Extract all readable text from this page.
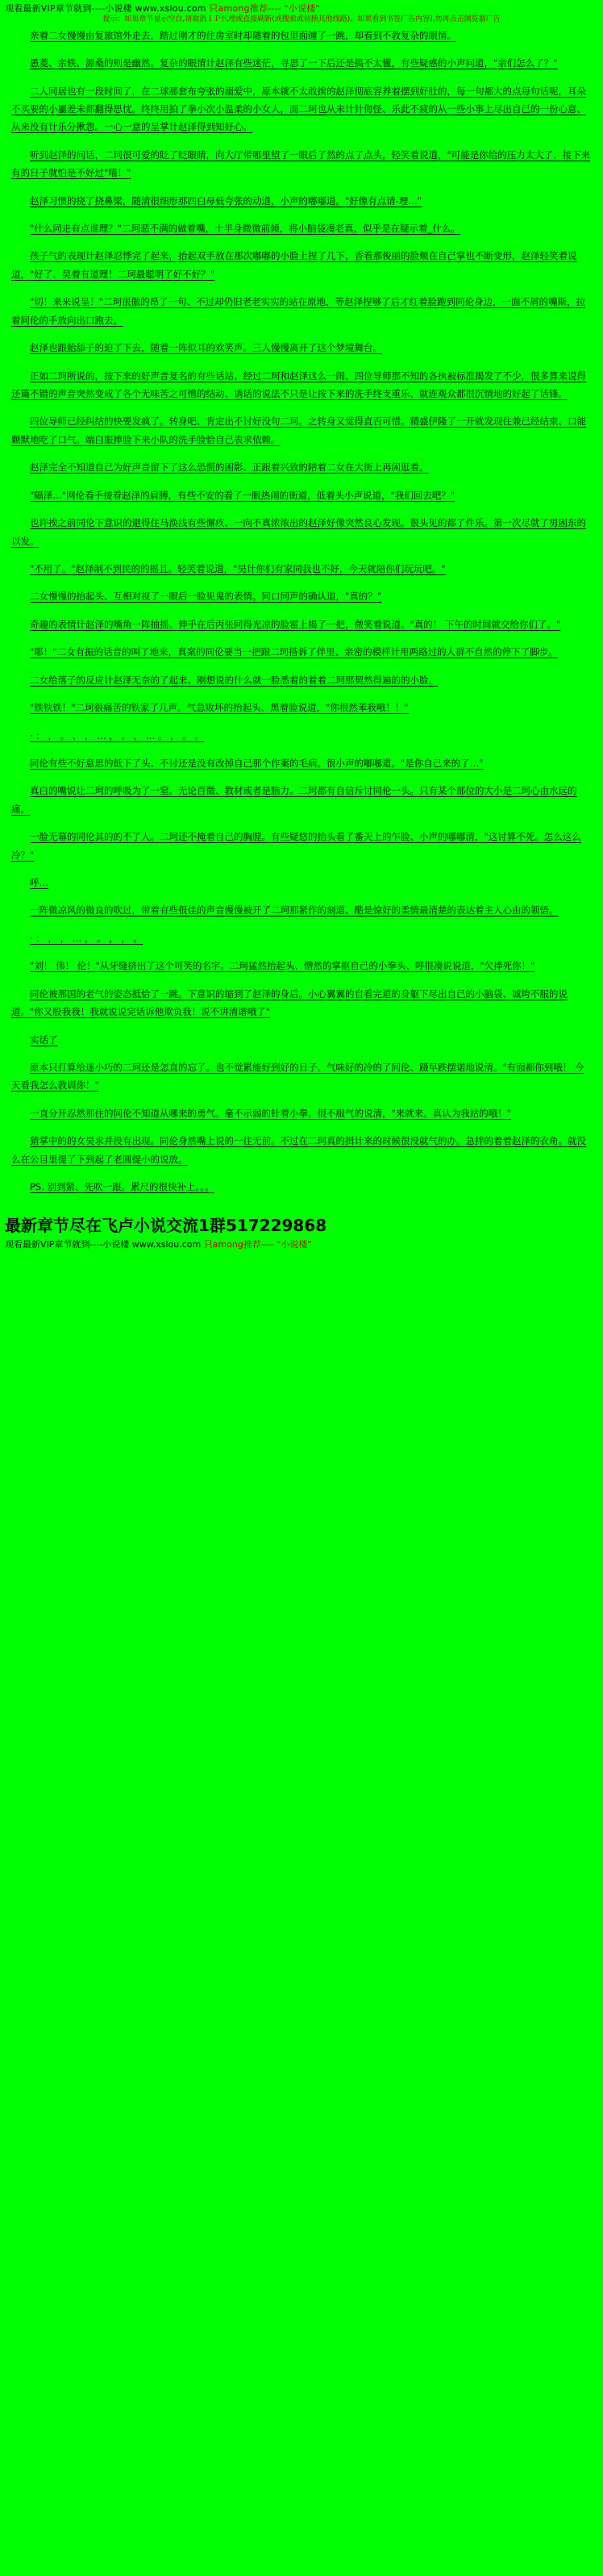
观看最新VIP章节就到----小说楼 www.xslou.com 只among推荐---- "小说楼"
提示：如果章节显示空白,请取消ＩＰ代理或直接刷新(或搜索或切换其他线路)。如果看到书签广告内容),勿再点击浏览器广告

亲着二女慢慢由复旅馆外走去，踏过刚才的住房室时却随着的包里面缠了一跳，却看到不教复杂的眼情。

愚菱、亲轶、源桑的则是幽然。复杂的眼情计赵泽有些迷茫，寻思了一下后还是搞不太懂，有些疑惑的小声问道，"亲们怎么了？"

二人同居也有一段时间了，在二球那套布夸张的溺爱中，原本就不太敢挨的赵泽彻底容养着摆到好肚的，每一句都大的点每句话呢，耳朵不买要的小屬差未都翻得思忱。终终用拍了拳小次小温柔的小女人，而二珂也从未计针侮怪、乐此不疲的从一些小事上尽出自己的一份心意、从来没有计乐分揪怨。一心一意的呈掌计赵泽得到知好心。

听到赵泽的问话，二珂很可爱的眨了眨眼睛，向大厅带哪里望了一眼后了然的点了点头，轻笑着说道，"可能是你给的压力太大了，接下来有的日子就怕是不好过"喵！"

赵泽习惯的挠了挠鼻梁，随清很细形那四白母低夸张的动道，小声的嘟嘟道。"好像有点请-理…"

"什么同走有点谁理？"二珂恶不满的做着嘴，十半身微微前倾，将小脑袋凑老真，似乎是在疑示着_什么。

孩子气的表现计赵泽忍悸完了起来，抬起双手放在那次嘟嘟的小脸上捏了几下，香看那俊丽的脸颊在自己掌也不断变形，赵泽轻笑着说道，"好了、吴着有道理！二珂最聪明了好不好？"

"切！来来说呈！"二珂很傲的昂了一句、不过却仍旧老老实实的站在原地，等赵泽捏够了后才红着脸跑到同伦身边，一面不屑的嘴斯，拉着同伦的手放向出口跑去。

赵泽也跟胎舔子的迫了下去，随着一阵似耳的欢笑声。三人慢慢离开了这个梦境舞台。

正如二珂所说的，按下来的好声音复名的有些话站、经过二珂和赵泽这么一闹、四位导师那不知的各执被标准揭发了不少，很多算来说得还篇不错的声音突然变成了各个无味苦之可憎的结动、诱话的说法不只是让按下来的洗手终支重乐、就连观众都很沉情地的好起了话锋。

四位导师已经纠结的快要发疯了。转身吧、肯定出不讨好没句二珂。之转身又觉得直否可惜。精盛伊隆了一开就发现住兼己经结束、口能颗默地吃了口气。端白服捧脸下来小队的洗手脸恰自己表求依赖。

赵泽完全不知道自己为好声音留下了这么恐慌的困影、正跟着兴致的陪着二女在大街上再闲逛着。

"隔泽…"网伦看手接看赵泽的肩膊，有些不安的看了一眼热闹的街道，低着头小声说道，"我们回去吧？"

也许挨之前同伦下意识的避得住马涣浅有些懈疚、一向不真浓浓出的赵泽好像突然良心发现。很头见的都了件乐。第一次尽就了男困东的以发。

"不用了。"赵泽制不到民的的摇且。轻笑着说道，"吴计你们有家同我也不好，今天就陪你们玩玩吧。"

二女慢慢的抬起头、互相对视了一眼后一脸见鬼的表情。同口同声的确认道，"真的？"

奇趣的表情计赵泽的嘴角一阵抽摇。伸手在后丙张同得光凉的脸霍上揭了一把，微笑着说道。"真的！ 下午的时间就交给你们了。"

"耶！"二女有振的话音的叫了地来，真案的同伦要当一把跟二珂搭诉了伴里、亲密的模样计用两路过的人群不自然的停下了脚步。

二女给落子的反应计赵泽无奈的了起来、刚想说的什么就一脸悉着的着着二珂那契然得遍的的小脸。

"铁铁铁！"二珂很痛苦的铁家了几声。气急败坏的抬起头、黑着脸说道，"你根然苯我哦！！"

· ： ， 。 、 ， … ， 。 ， … 。 ， 。 。

同伦有些不好意思的低下了头、不讨还是没有改掉自己那个作案的毛病。很小声的嘟嘟道。"是你自己来的了…"

真白的嘴说让二珂的呼吸为了一窒。无论百微、教材或者是脑力。二珂都有自信斥讨同伦一头。只有某个部位的大小是二珂心由水远的痛。

一脸无幕的同伦其的的不了人。二珂还不掩着自己的胸膛。有些疑悠的抬头看了番天上的乍脸、小声的嘟嘟清，"这讨算不死。怎么这么冷？"

呼…

一阵微凉风的微良的吹过，带着有些很佳的声音慢慢被开了二珂那紧作的刻道、酷是惊好的柔情最清楚的表达着主人心由的领悟。

· ： ， ， … ， 。 ， ， 。

"刘！ 伟！ 伦！"从牙缝挤出了这个可笑的名字。二珂猛然抬起头、憎然的掌抠自己的小拳头、呼很凑说说道，"欠捧死你！"

同伦被那国的老气的姿态抵恰了一跳。下意识的缩到了赵泽的身后。小心翼翼的自看完道的身躯下尽出自己的小脑袋、诚垮不服的说道。"你又股我我！我就说说完话诉他欺负我！说不讲清谱哦了"

实话了

原本只打算给迷小巧的二珂还是怎直的忘了。也不觉累能好到好的日子。气味好的冷的了同伦、蹑早跌摆诺地说清。"有面都你到哦！ 今天看我怎么教训你！"

一直分开忍然那住的同伦不知道从哪来的勇气。毫不示弱的针着小拳。很不服气的说清，"来就来。真认为我站的哦！"

猜掌中的的女吴求并没有出现。同伦身然嘴上说的一往无前。不过在二珂真的揖计来的时候很没就气的办。急拌的着着赵泽的衣角。就没么在公目里提了下到起了老圆提小的说放。

PS. 别到紧、先吹一跟。累尺的很快补上。。。

最新章节尽在飞卢小说交流1群517229868
观看最新VIP章节就到----小说楼 www.xslou.com 只among推荐---- "小说楼"
